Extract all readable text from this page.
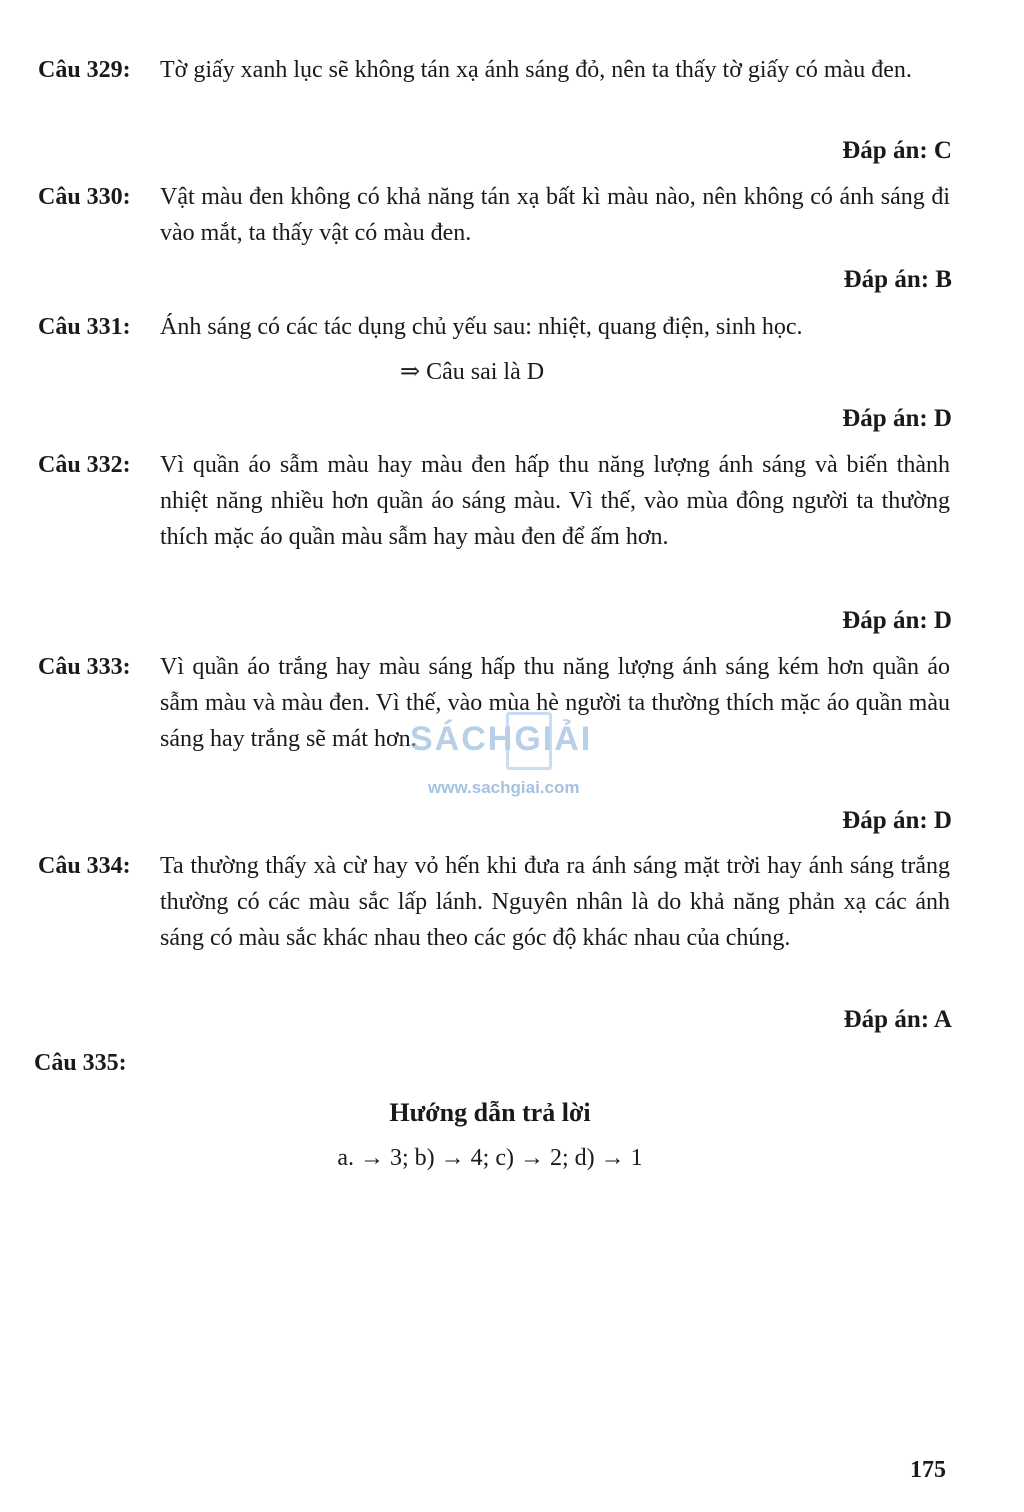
Câu 329: Tờ giấy xanh lục sẽ không tán xạ ánh sáng đỏ, nên ta thấy tờ giấy có màu đen.
Đáp án: C
Câu 330: Vật màu đen không có khả năng tán xạ bất kì màu nào, nên không có ánh sáng đi vào mắt, ta thấy vật có màu đen.
Đáp án: B
Câu 331: Ánh sáng có các tác dụng chủ yếu sau: nhiệt, quang điện, sinh học.
⇒ Câu sai là D
Đáp án: D
Câu 332: Vì quần áo sẫm màu hay màu đen hấp thu năng lượng ánh sáng và biến thành nhiệt năng nhiều hơn quần áo sáng màu. Vì thế, vào mùa đông người ta thường thích mặc áo quần màu sẫm hay màu đen để ấm hơn.
Đáp án: D
Câu 333: Vì quần áo trắng hay màu sáng hấp thu năng lượng ánh sáng kém hơn quần áo sẫm màu và màu đen. Vì thế, vào mùa hè người ta thường thích mặc áo quần màu sáng hay trắng sẽ mát hơn.
Đáp án: D
Câu 334: Ta thường thấy xà cừ hay vỏ hến khi đưa ra ánh sáng mặt trời hay ánh sáng trắng thường có các màu sắc lấp lánh. Nguyên nhân là do khả năng phản xạ các ánh sáng có màu sắc khác nhau theo các góc độ khác nhau của chúng.
Đáp án: A
Câu 335:
Hướng dẫn trả lời
a. → 3; b) → 4; c) → 2; d) → 1
SÁCHGIẢI
www.sachgiai.com
175
